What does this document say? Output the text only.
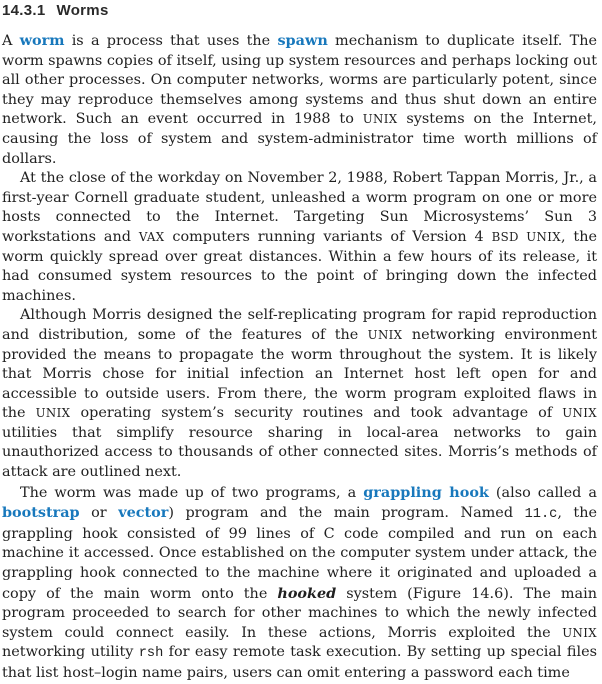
14.3.1 Worms

A worm is a process that uses the spawn mechanism to duplicate itself. The worm spawns copies of itself, using up system resources and perhaps locking out all other processes. On computer networks, worms are particularly potent, since they may reproduce themselves among systems and thus shut down an entire network. Such an event occurred in 1988 to UNIX systems on the Internet, causing the loss of system and system-administrator time worth millions of dollars.

At the close of the workday on November 2, 1988, Robert Tappan Morris, Jr., a first-year Cornell graduate student, unleashed a worm program on one or more hosts connected to the Internet. Targeting Sun Microsystems’ Sun 3 workstations and VAX computers running variants of Version 4 BSD UNIX, the worm quickly spread over great distances. Within a few hours of its release, it had consumed system resources to the point of bringing down the infected machines.

Although Morris designed the self-replicating program for rapid reproduction and distribution, some of the features of the UNIX networking environment provided the means to propagate the worm throughout the system. It is likely that Morris chose for initial infection an Internet host left open for and accessible to outside users. From there, the worm program exploited flaws in the UNIX operating system’s security routines and took advantage of UNIX utilities that simplify resource sharing in local-area networks to gain unauthorized access to thousands of other connected sites. Morris’s methods of attack are outlined next.

The worm was made up of two programs, a grappling hook (also called a bootstrap or vector) program and the main program. Named 11.c, the grappling hook consisted of 99 lines of C code compiled and run on each machine it accessed. Once established on the computer system under attack, the grappling hook connected to the machine where it originated and uploaded a copy of the main worm onto the hooked system (Figure 14.6). The main program proceeded to search for other machines to which the newly infected system could connect easily. In these actions, Morris exploited the UNIX networking utility rsh for easy remote task execution. By setting up special files that list host–login name pairs, users can omit entering a password each time
